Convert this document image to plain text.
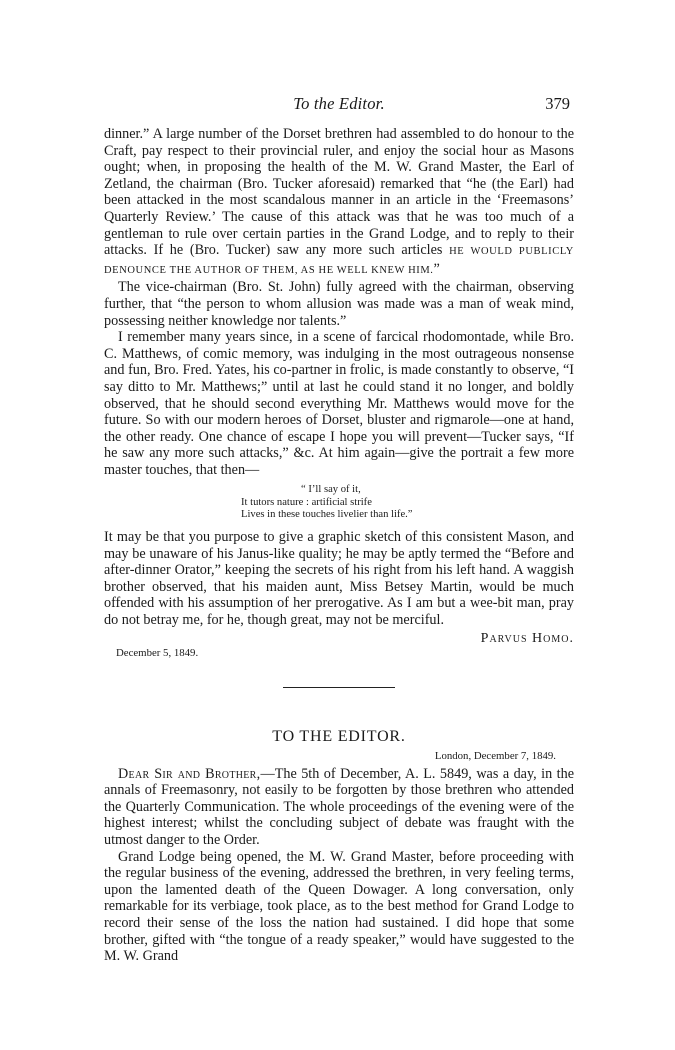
To the Editor.	379

dinner.” A large number of the Dorset brethren had assembled to do honour to the Craft, pay respect to their provincial ruler, and enjoy the social hour as Masons ought; when, in proposing the health of the M. W. Grand Master, the Earl of Zetland, the chairman (Bro. Tucker aforesaid) remarked that “he (the Earl) had been attacked in the most scandalous manner in an article in the ‘Freemasons’ Quarterly Review.’ The cause of this attack was that he was too much of a gentleman to rule over certain parties in the Grand Lodge, and to reply to their attacks. If he (Bro. Tucker) saw any more such articles HE WOULD PUBLICLY DENOUNCE THE AUTHOR OF THEM, AS HE WELL KNEW HIM.”

The vice-chairman (Bro. St. John) fully agreed with the chairman, observing further, that “the person to whom allusion was made was a man of weak mind, possessing neither knowledge nor talents.”

I remember many years since, in a scene of farcical rhodomontade, while Bro. C. Matthews, of comic memory, was indulging in the most outrageous nonsense and fun, Bro. Fred. Yates, his co-partner in frolic, is made constantly to observe, “I say ditto to Mr. Matthews;” until at last he could stand it no longer, and boldly observed, that he should second everything Mr. Matthews would move for the future. So with our modern heroes of Dorset, bluster and rigmarole—one at hand, the other ready. One chance of escape I hope you will prevent—Tucker says, “If he saw any more such attacks,” &c. At him again—give the portrait a few more master touches, that then—

“ I’ll say of it,
It tutors nature : artificial strife
Lives in these touches livelier than life.”

It may be that you purpose to give a graphic sketch of this consistent Mason, and may be unaware of his Janus-like quality; he may be aptly termed the “Before and after-dinner Orator,” keeping the secrets of his right from his left hand. A waggish brother observed, that his maiden aunt, Miss Betsey Martin, would be much offended with his assumption of her prerogative. As I am but a wee-bit man, pray do not betray me, for he, though great, may not be merciful.

Parvus Homo.
December 5, 1849.
TO THE EDITOR.
London, December 7, 1849.

Dear Sir and Brother,—The 5th of December, A. L. 5849, was a day, in the annals of Freemasonry, not easily to be forgotten by those brethren who attended the Quarterly Communication. The whole proceedings of the evening were of the highest interest; whilst the concluding subject of debate was fraught with the utmost danger to the Order.

Grand Lodge being opened, the M. W. Grand Master, before proceeding with the regular business of the evening, addressed the brethren, in very feeling terms, upon the lamented death of the Queen Dowager. A long conversation, only remarkable for its verbiage, took place, as to the best method for Grand Lodge to record their sense of the loss the nation had sustained. I did hope that some brother, gifted with “the tongue of a ready speaker,” would have suggested to the M. W. Grand
